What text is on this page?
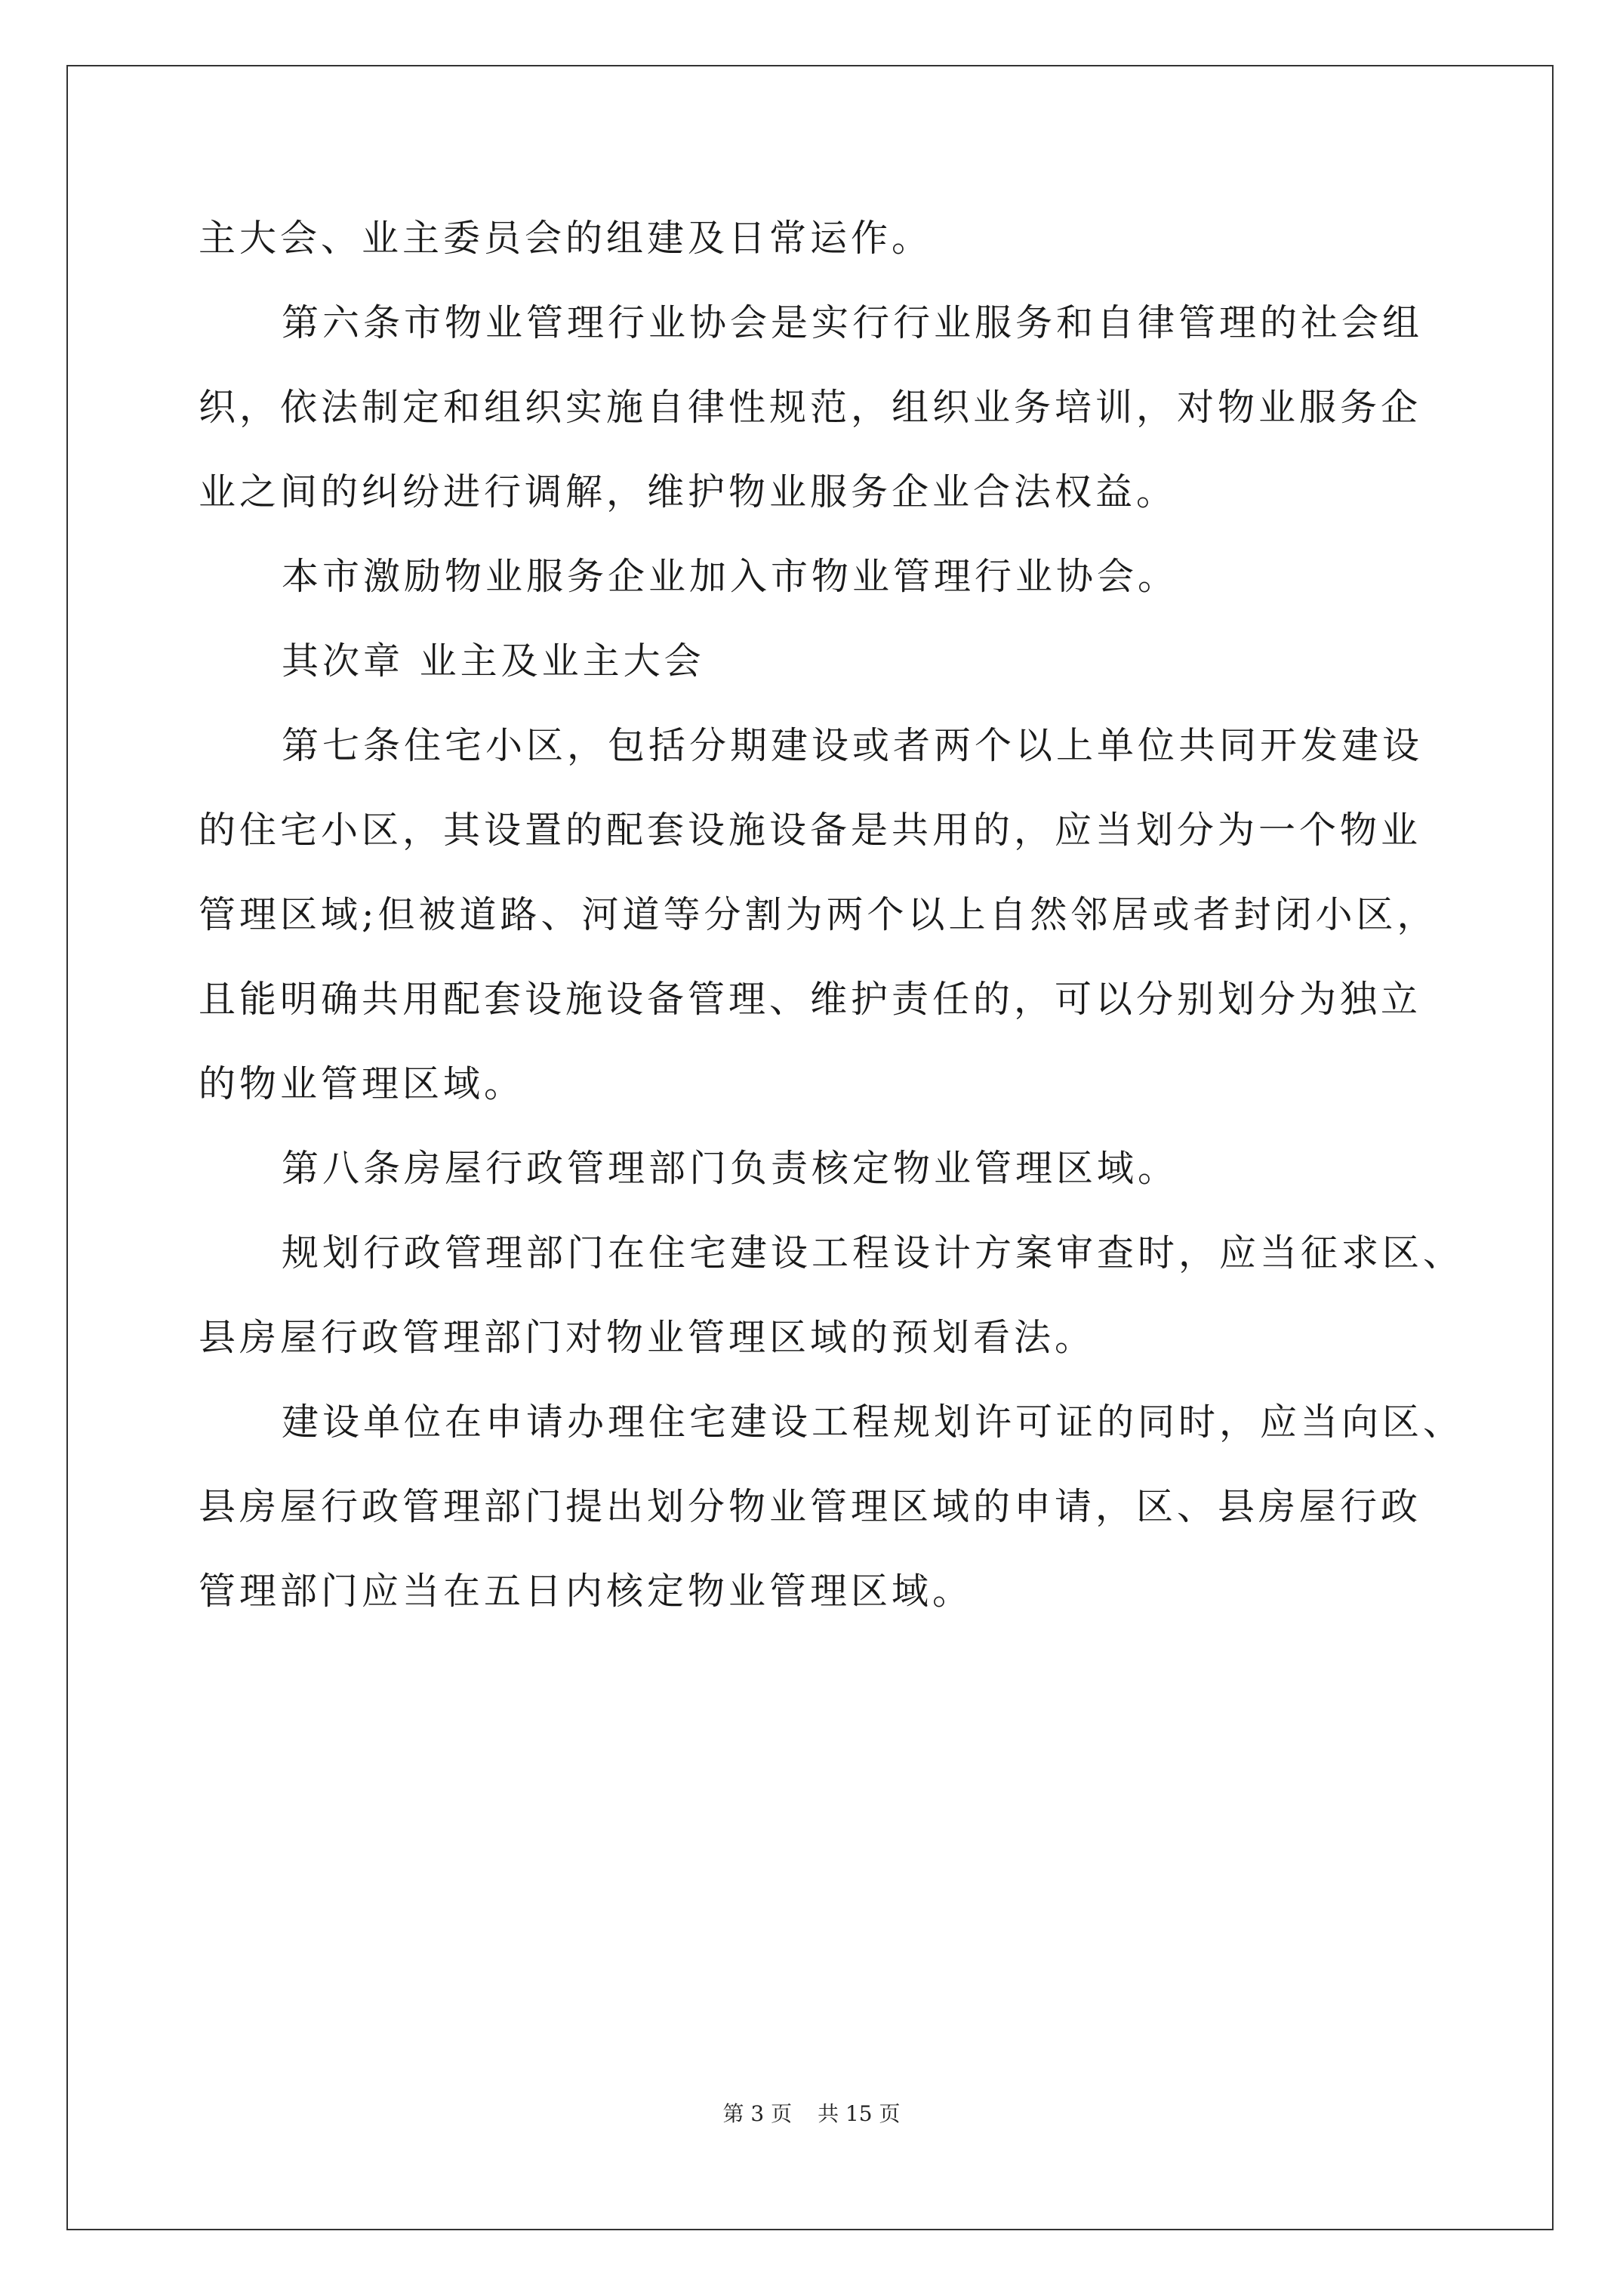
主大会、业主委员会的组建及日常运作。

第六条市物业管理行业协会是实行行业服务和自律管理的社会组

织，依法制定和组织实施自律性规范，组织业务培训，对物业服务企

业之间的纠纷进行调解，维护物业服务企业合法权益。

本市激励物业服务企业加入市物业管理行业协会。

其次章 业主及业主大会

第七条住宅小区，包括分期建设或者两个以上单位共同开发建设

的住宅小区，其设置的配套设施设备是共用的，应当划分为一个物业

管理区域;但被道路、河道等分割为两个以上自然邻居或者封闭小区，

且能明确共用配套设施设备管理、维护责任的，可以分别划分为独立

的物业管理区域。

第八条房屋行政管理部门负责核定物业管理区域。

规划行政管理部门在住宅建设工程设计方案审查时，应当征求区、

县房屋行政管理部门对物业管理区域的预划看法。

建设单位在申请办理住宅建设工程规划许可证的同时，应当向区、

县房屋行政管理部门提出划分物业管理区域的申请，区、县房屋行政

管理部门应当在五日内核定物业管理区域。

第 3 页 共 15 页
